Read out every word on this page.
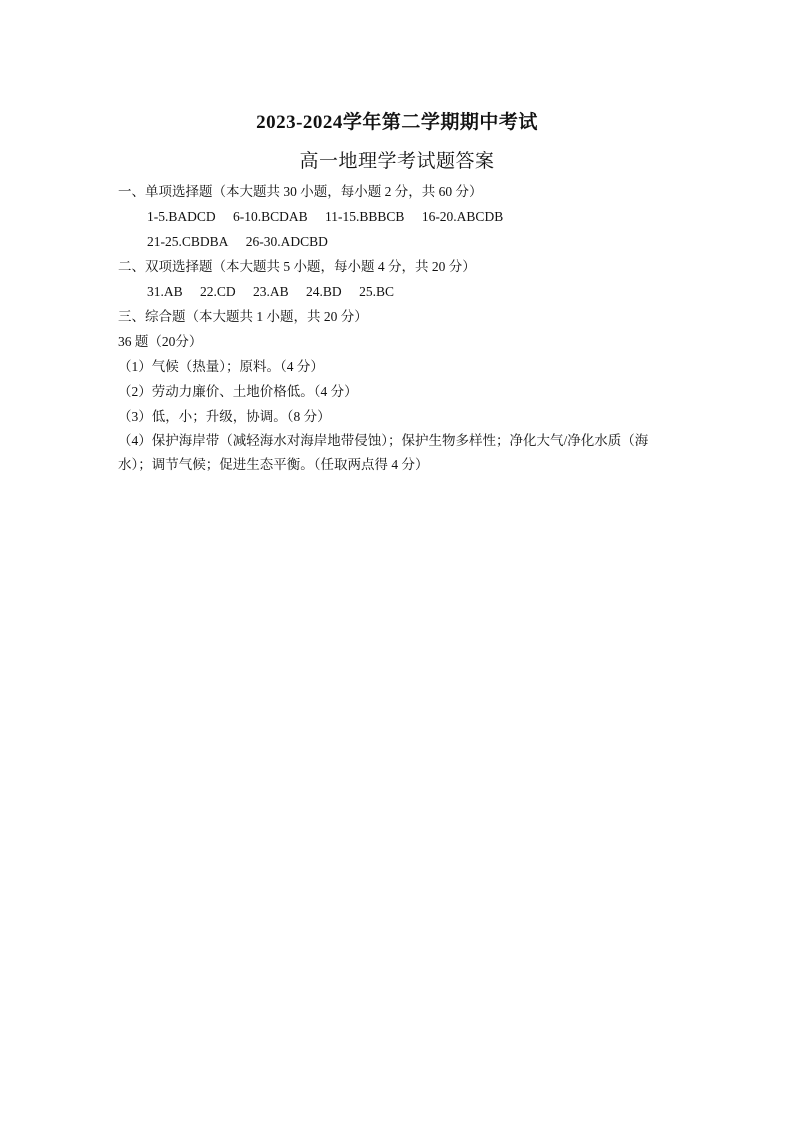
2023-2024学年第二学期期中考试
高一地理学考试题答案
一、单项选择题（本大题共 30 小题，每小题 2 分，共 60 分）
1-5.BADCD 6-10.BCDAB 11-15.BBBCB 16-20.ABCDB
21-25.CBDBA 26-30.ADCBD
二、双项选择题（本大题共 5 小题，每小题 4 分，共 20 分）
31.AB 22.CD 23.AB 24.BD 25.BC
三、综合题（本大题共 1 小题，共 20 分）
36 题（20分）
（1）气候（热量）；原料。（4 分）
（2）劳动力廉价、土地价格低。（4 分）
（3）低，小；升级，协调。（8 分）
（4）保护海岸带（减轻海水对海岸地带侵蚀）；保护生物多样性；净化大气/净化水质（海水）；调节气候；促进生态平衡。（任取两点得 4 分）
